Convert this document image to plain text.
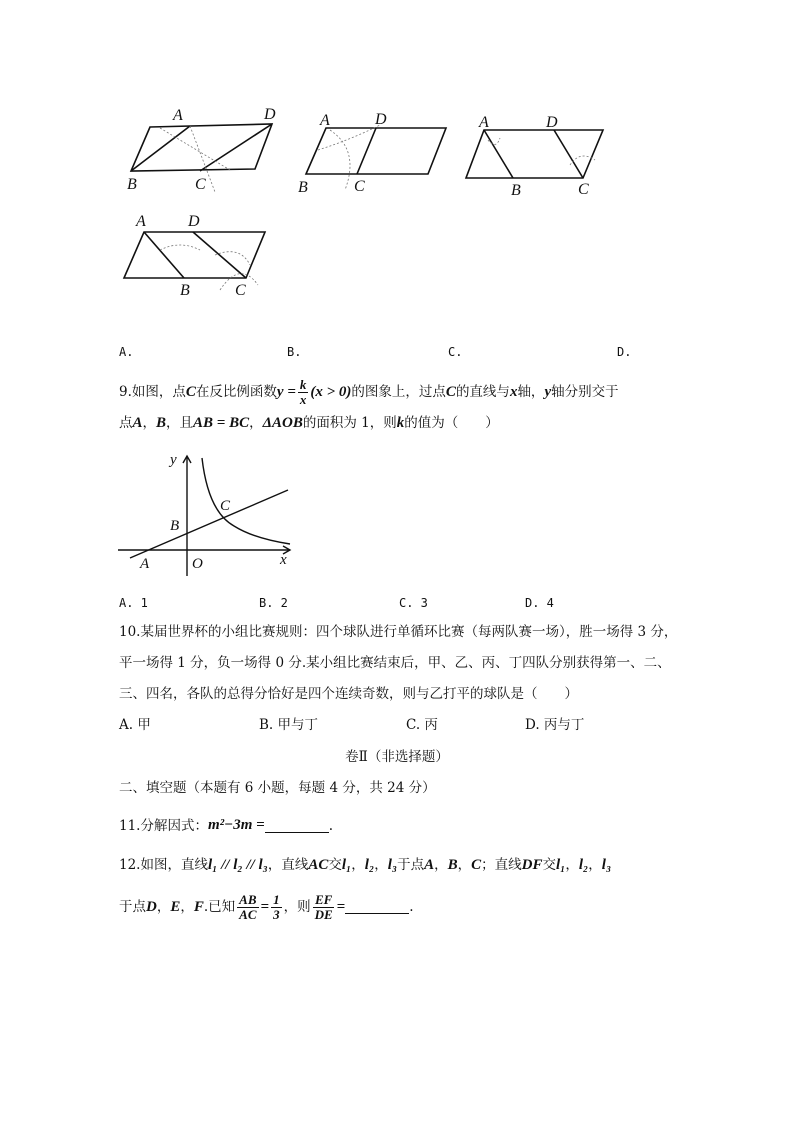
A	D
B	C
A	D
B	C
A	D
B	C
A	D
B	C
A.	B.	C.	D.
9.如图，点 C 在反比例函数 $y = \frac{k}{x} (x > 0)$ 的图象上，过点 C 的直线与 x 轴， y 轴分别交于
点 A ， B ，且 AB = BC ， ΔAOB 的面积为 1，则 k 的值为（　　）
y
x
C
B
A	O
A. 1	B. 2	C. 3	D. 4
10.某届世界杯的小组比赛规则：四个球队进行单循环比赛（每两队赛一场），胜一场得 3 分，
平一场得 1 分，负一场得 0 分.某小组比赛结束后，甲、乙、丙、丁四队分别获得第一、二、
三、四名，各队的总得分恰好是四个连续奇数，则与乙打平的球队是（　　）
A. 甲	B. 甲与丁	C. 丙	D. 丙与丁
卷Ⅱ（非选择题）
二、填空题（本题有 6 小题，每题 4 分，共 24 分）
11.分解因式： m²−3m =	.
12.如图，直线 l₁ // l₂ // l₃ ，直线 AC 交 l₁ ， l₂ ， l₃ 于点 A ， B ， C ；直线 DF 交 l₁ ， l₂ ， l₃
于点 D ， E ， F .已知 $\frac{AB}{AC} = \frac{1}{3}$ ，则 $\frac{EF}{DE}$ =	.
